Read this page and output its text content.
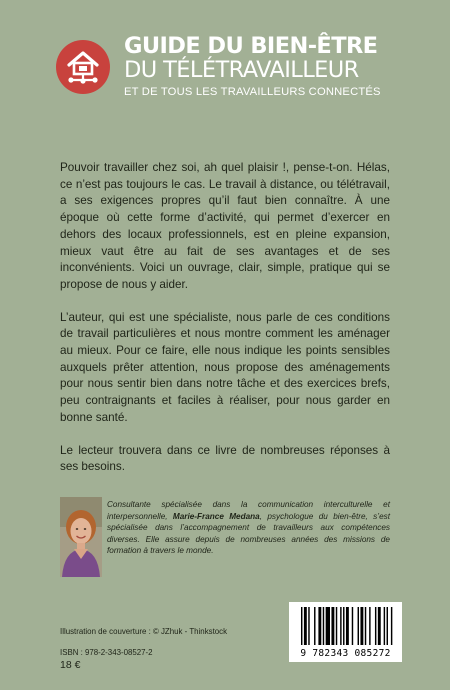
GUIDE DU BIEN-ÊTRE
DU TÉLÉTRAVAILLEUR
ET DE TOUS LES TRAVAILLEURS CONNECTÉS

Pouvoir travailler chez soi, ah quel plaisir !, pense-t-on. Hélas, ce n’est pas toujours le cas. Le travail à distance, ou télétravail, a ses exigences propres qu’il faut bien connaître. À une époque où cette forme d’activité, qui permet d’exercer en dehors des locaux professionnels, est en pleine expansion, mieux vaut être au fait de ses avantages et de ses inconvénients. Voici un ouvrage, clair, simple, pratique qui se propose de nous y aider.

L’auteur, qui est une spécialiste, nous parle de ces conditions de travail particulières et nous montre comment les aménager au mieux. Pour ce faire, elle nous indique les points sensibles auxquels prêter attention, nous propose des aménagements pour nous sentir bien dans notre tâche et des exercices brefs, peu contraignants et faciles à réaliser, pour nous garder en bonne santé.

Le lecteur trouvera dans ce livre de nombreuses réponses à ses besoins.

Consultante spécialisée dans la communication interculturelle et interpersonnelle, Marie-France Medana, psychologue du bien-être, s’est spécialisée dans l’accompagnement de travailleurs aux compétences diverses. Elle assure depuis de nombreuses années des missions de formation à travers le monde.
Illustration de couverture : © JZhuk - Thinkstock
ISBN : 978-2-343-08527-2
18 €
9 782343 085272
